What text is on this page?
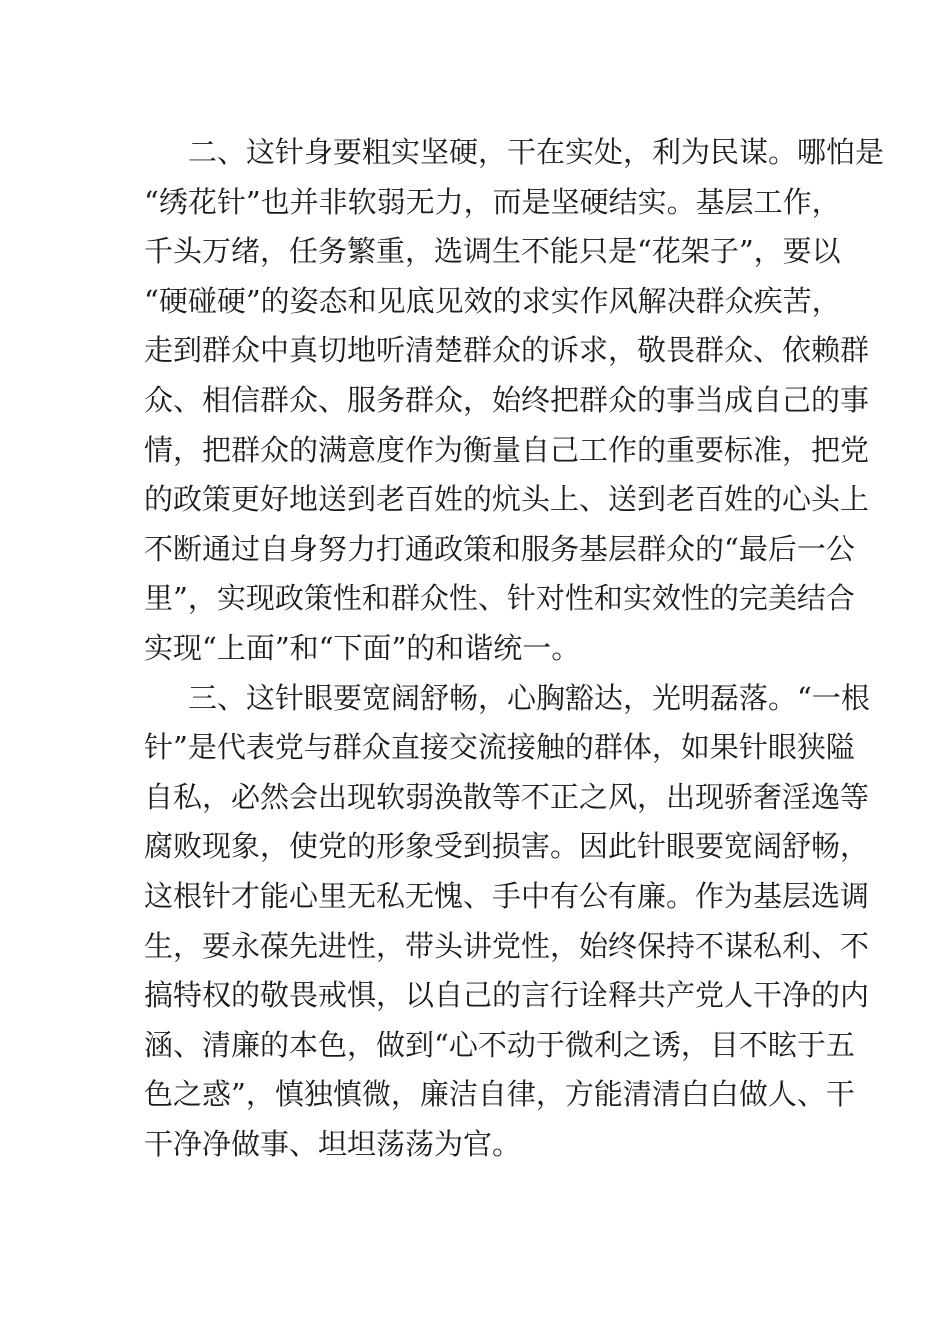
二、这针身要粗实坚硬，干在实处，利为民谋。哪怕是
“绣花针”也并非软弱无力，而是坚硬结实。基层工作，
千头万绪，任务繁重，选调生不能只是“花架子”，要以
“硬碰硬”的姿态和见底见效的求实作风解决群众疾苦，
走到群众中真切地听清楚群众的诉求，敬畏群众、依赖群
众、相信群众、服务群众，始终把群众的事当成自己的事
情，把群众的满意度作为衡量自己工作的重要标准，把党
的政策更好地送到老百姓的炕头上、送到老百姓的心头上
不断通过自身努力打通政策和服务基层群众的“最后一公
里”，实现政策性和群众性、针对性和实效性的完美结合
实现“上面”和“下面”的和谐统一。
三、这针眼要宽阔舒畅，心胸豁达，光明磊落。“一根
针”是代表党与群众直接交流接触的群体，如果针眼狭隘
自私，必然会出现软弱涣散等不正之风，出现骄奢淫逸等
腐败现象，使党的形象受到损害。因此针眼要宽阔舒畅，
这根针才能心里无私无愧、手中有公有廉。作为基层选调
生，要永葆先进性，带头讲党性，始终保持不谋私利、不
搞特权的敬畏戒惧，以自己的言行诠释共产党人干净的内
涵、清廉的本色，做到“心不动于微利之诱，目不眩于五
色之惑”，慎独慎微，廉洁自律，方能清清白白做人、干
干净净做事、坦坦荡荡为官。
